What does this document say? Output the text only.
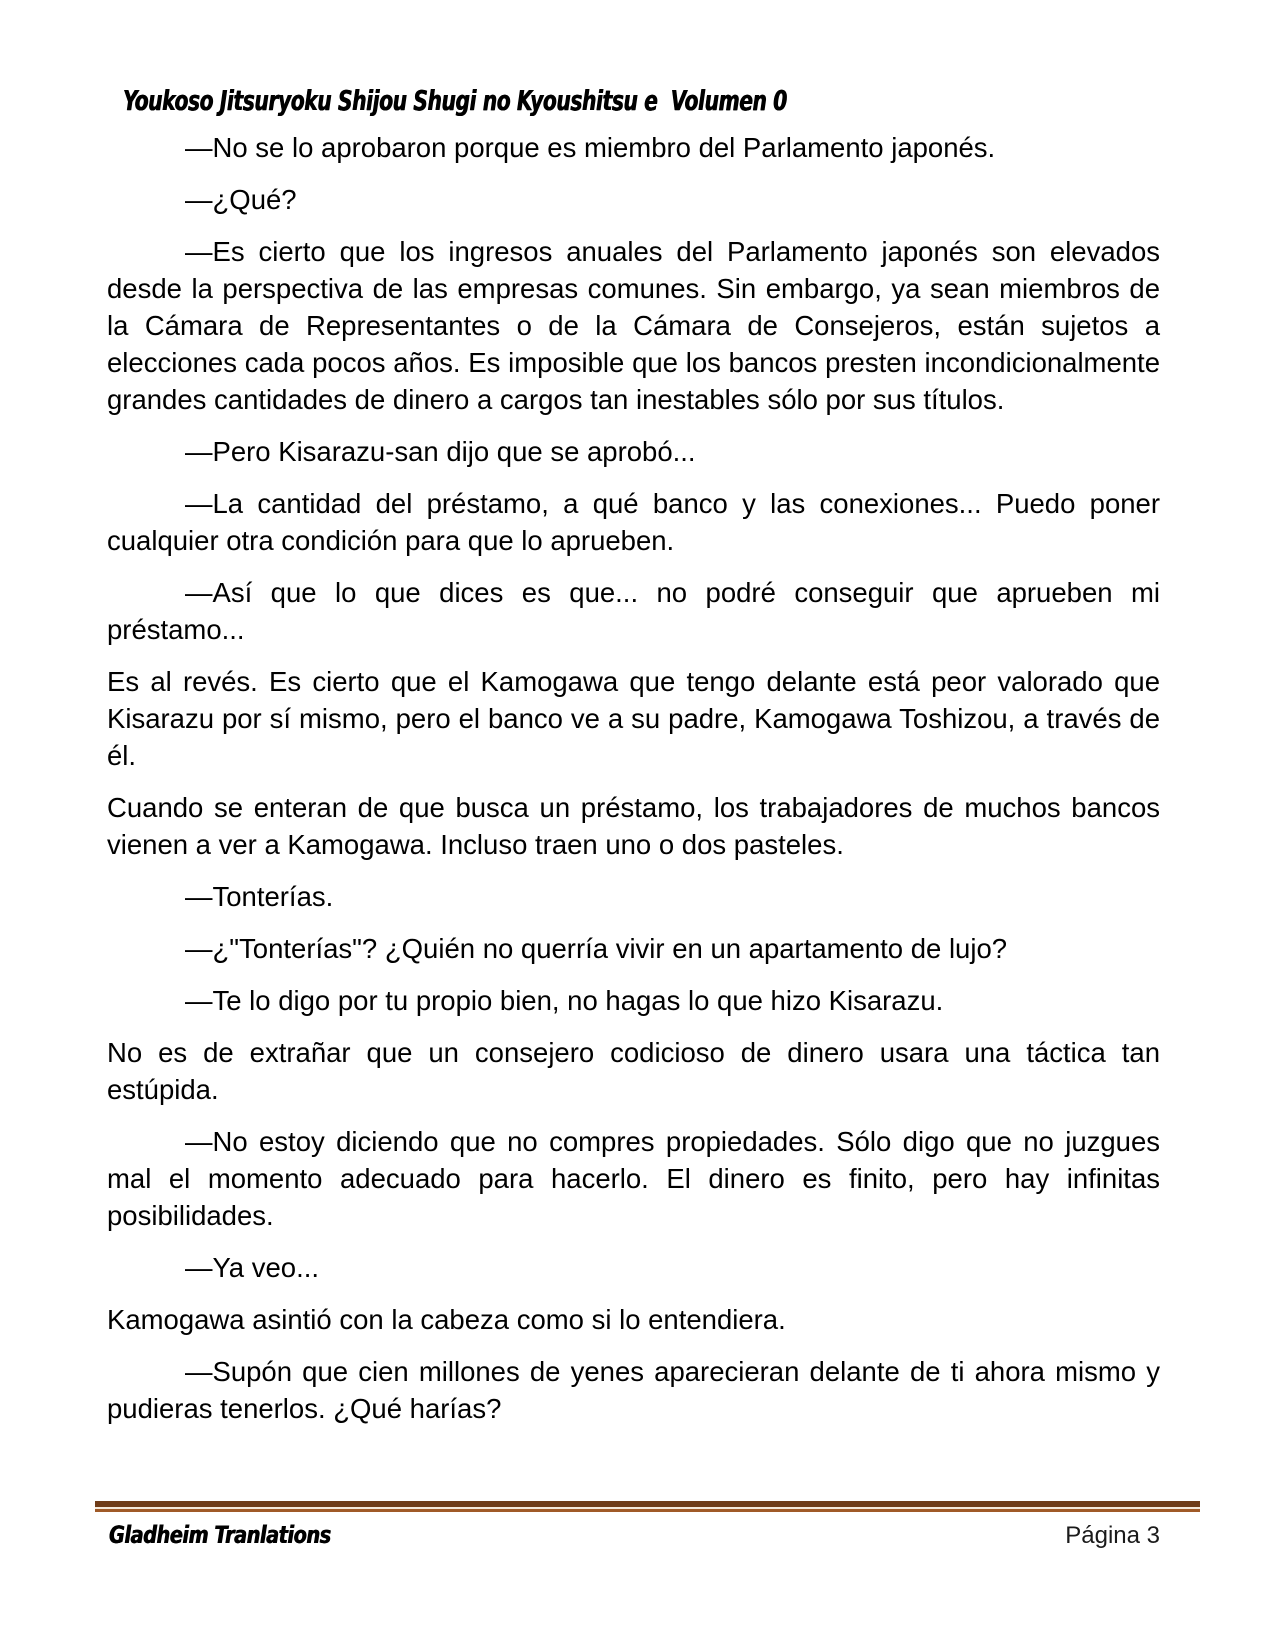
Youkoso Jitsuryoku Shijou Shugi no Kyoushitsu e  Volumen 0

—No se lo aprobaron porque es miembro del Parlamento japonés.

—¿Qué?

—Es cierto que los ingresos anuales del Parlamento japonés son elevados desde la perspectiva de las empresas comunes. Sin embargo, ya sean miembros de la Cámara de Representantes o de la Cámara de Consejeros, están sujetos a elecciones cada pocos años. Es imposible que los bancos presten incondicionalmente grandes cantidades de dinero a cargos tan inestables sólo por sus títulos.

—Pero Kisarazu-san dijo que se aprobó...

—La cantidad del préstamo, a qué banco y las conexiones... Puedo poner cualquier otra condición para que lo aprueben.

—Así que lo que dices es que... no podré conseguir que aprueben mi préstamo...

Es al revés. Es cierto que el Kamogawa que tengo delante está peor valorado que Kisarazu por sí mismo, pero el banco ve a su padre, Kamogawa Toshizou, a través de él.

Cuando se enteran de que busca un préstamo, los trabajadores de muchos bancos vienen a ver a Kamogawa. Incluso traen uno o dos pasteles.

—Tonterías.

—¿"Tonterías"? ¿Quién no querría vivir en un apartamento de lujo?

—Te lo digo por tu propio bien, no hagas lo que hizo Kisarazu.

No es de extrañar que un consejero codicioso de dinero usara una táctica tan estúpida.

—No estoy diciendo que no compres propiedades. Sólo digo que no juzgues mal el momento adecuado para hacerlo. El dinero es finito, pero hay infinitas posibilidades.

—Ya veo...

Kamogawa asintió con la cabeza como si lo entendiera.

—Supón que cien millones de yenes aparecieran delante de ti ahora mismo y pudieras tenerlos. ¿Qué harías?

Gladheim Tranlations	Página 3
